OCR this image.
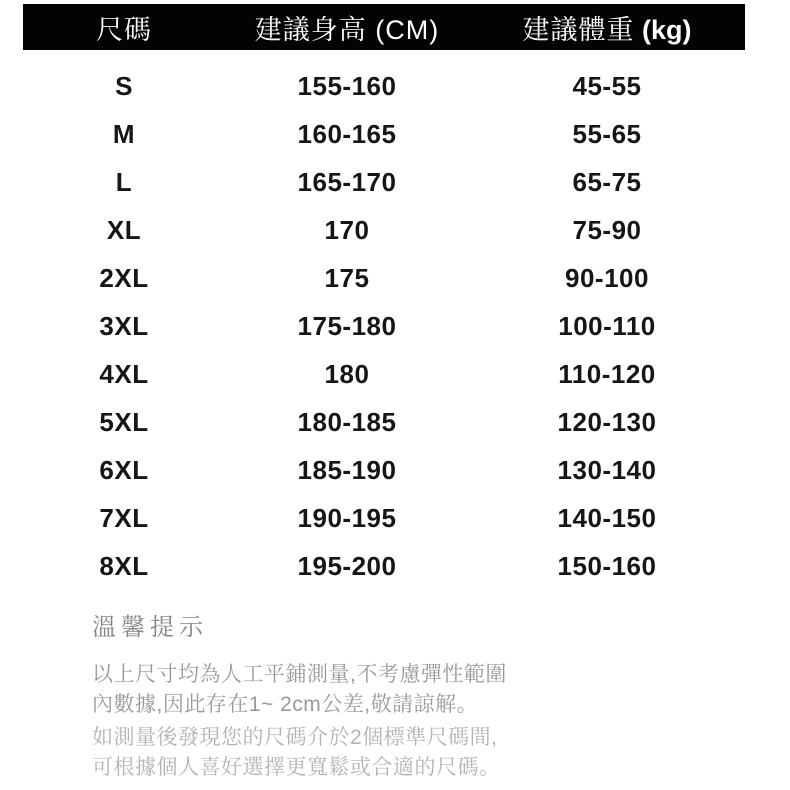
尺碼	建議身高 (CM)	建議體重 (kg)
S	155-160	45-55
M	160-165	55-65
L	165-170	65-75
XL	170	75-90
2XL	175	90-100
3XL	175-180	100-110
4XL	180	110-120
5XL	180-185	120-130
6XL	185-190	130-140
7XL	190-195	140-150
8XL	195-200	150-160
溫馨提示

以上尺寸均為人工平鋪測量,不考慮彈性範圍
內數據,因此存在1~ 2cm公差,敬請諒解。

如測量後發現您的尺碼介於2個標準尺碼間,
可根據個人喜好選擇更寬鬆或合適的尺碼。
